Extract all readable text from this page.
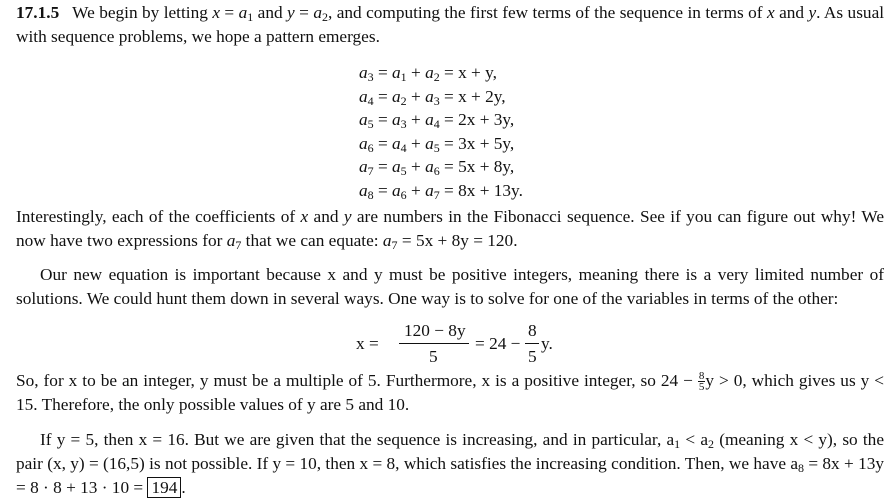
17.1.5 We begin by letting $x = a_1$ and $y = a_2$, and computing the first few terms of the sequence in terms of x and y. As usual with sequence problems, we hope a pattern emerges.

$a_3 = a_1 + a_2 = x + y$,
$a_4 = a_2 + a_3 = x + 2y$,
$a_5 = a_3 + a_4 = 2x + 3y$,
$a_6 = a_4 + a_5 = 3x + 5y$,
$a_7 = a_5 + a_6 = 5x + 8y$,
$a_8 = a_6 + a_7 = 8x + 13y$.

Interestingly, each of the coefficients of x and y are numbers in the Fibonacci sequence. See if you can figure out why! We now have two expressions for $a_7$ that we can equate: $a_7 = 5x + 8y = 120$.

Our new equation is important because x and y must be positive integers, meaning there is a very limited number of solutions. We could hunt them down in several ways. One way is to solve for one of the variables in terms of the other:

x =
120 − 8y
5
= 24 −
8
5
y.

So, for x to be an integer, y must be a multiple of 5. Furthermore, x is a positive integer, so $24 - \frac{8}{5}$ y > 0, which gives us y < 15. Therefore, the only possible values of y are 5 and 10.

If y = 5, then x = 16. But we are given that the sequence is increasing, and in particular, $a_1 < a_2$ (meaning x < y), so the pair (x, y) = (16,5) is not possible. If y = 10, then x = 8, which satisfies the increasing condition. Then, we have $a_8 = 8x + 13y = 8 \cdot 8 + 13 \cdot 10 = 194$ .
